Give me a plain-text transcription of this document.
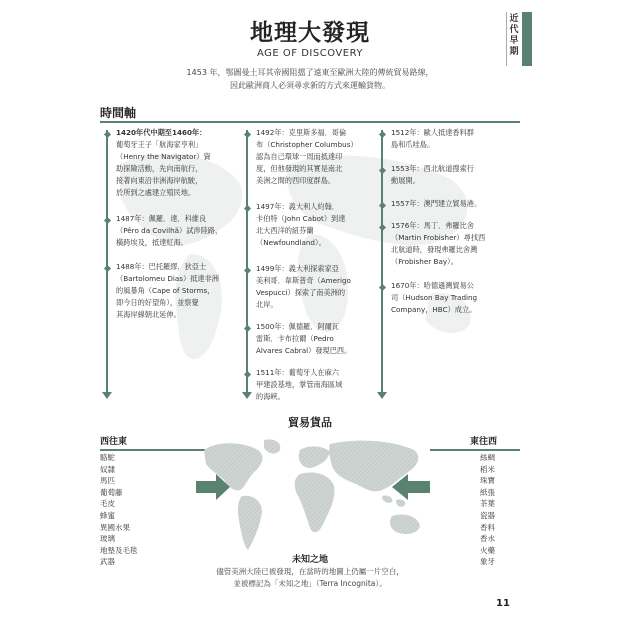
近代早期
地理大發現
AGE OF DISCOVERY
1453 年，鄂圖曼土耳其帝國阻擋了遠東至歐洲大陸的傳統貿易路線，
因此歐洲商人必須尋求新的方式來運輸貨物。
時間軸
1420年代中期至1460年：
葡萄牙王子「航海家亨利」
（Henry the Navigator）資
助探險活動，先向南航行，
接著向東沿非洲海岸航駛，
於所到之處建立殖民地。
1487年：佩羅．達．科維良
（Pêro da Covilhã）試涉陸路，
橫跨埃及，抵達紅海。
1488年：巴托羅繆．狄亞士
（Bartolomeu Dias）抵達非洲
的風暴角（Cape of Storms，
即今日的好望角），並察覺
其海岸線朝北延伸。
1492年：克里斯多福．哥倫
布（Christopher Columbus）
認為自己環球一周而抵達印
度，但他發現的其實是南北
美洲之間的西印度群島。
1497年：義大利人約翰．
卡伯特（John Cabot）到達
北大西洋的紐芬蘭
（Newfoundland）。
1499年：義大利探索家亞
美利哥．韋斯普奇（Amerigo
Vespucci）探索了南美洲的
北岸。
1500年：佩德羅．阿爾瓦
雷斯．卡布拉爾（Pedro
Álvares Cabral）發現巴西。
1511年：葡萄牙人在麻六
甲建設基地，掌管南海區域
的海峽。
1512年：歐人抵達香料群
島和爪哇島。
1553年：西北航道搜索行
動展開。
1557年：澳門建立貿易港。
1576年：馬丁．弗羅比舍
（Martin Frobisher）尋找西
北航道時，發現弗羅比舍灣
（Frobisher Bay）。
1670年：哈德遜灣貿易公
司（Hudson Bay Trading
Company，HBC）成立。
貿易貨品
西往東
駱駝
奴隸
馬匹
葡萄藤
毛皮
蜂蜜
異國水果
玻璃
地墊及毛毯
武器
東往西
絲綢
稻米
珠寶
紙張
茶葉
瓷器
香料
香水
火藥
象牙
未知之地
儘管美洲大陸已被發現，在當時的地圖上仍屬一片空白，
並被標記為「未知之地」（Terra Incognita）。
11
